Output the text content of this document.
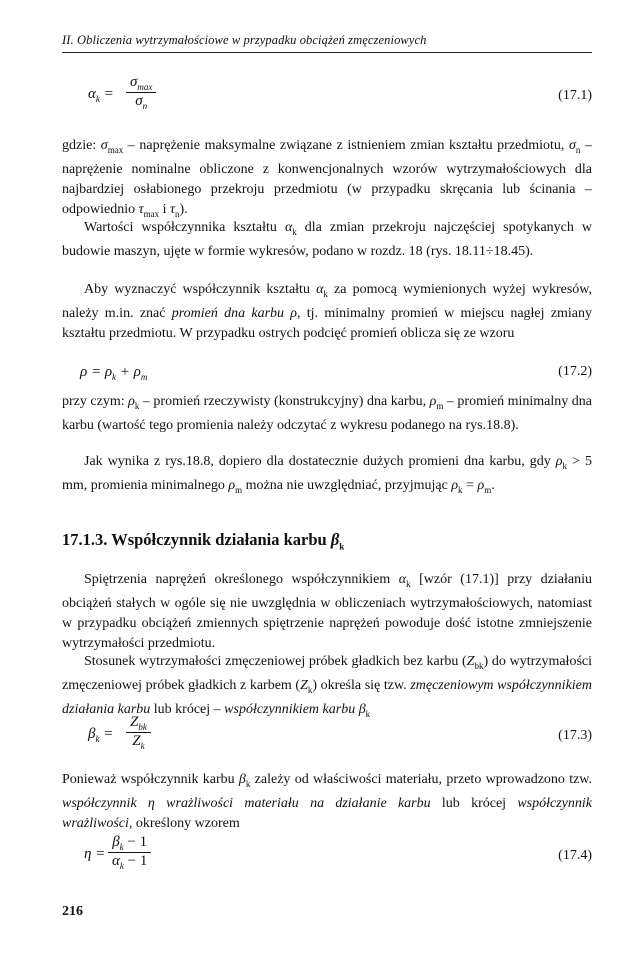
II. Obliczenia wytrzymałościowe w przypadku obciążeń zmęczeniowych
$\alpha_k$ =
$\sigma_{max}$
$\sigma_n$
(17.1)

gdzie: $\sigma_{max}$ – naprężenie maksymalne związane z istnieniem zmian kształtu przedmiotu, $\sigma_n$ – naprężenie nominalne obliczone z konwencjonalnych wzorów wytrzymałościowych dla najbardziej osłabionego przekroju przedmiotu (w przypadku skręcania lub ścinania – odpowiednio $\tau_{max}$ i $\tau_n$).

Wartości współczynnika kształtu $\alpha_k$ dla zmian przekroju najczęściej spotykanych w budowie maszyn, ujęte w formie wykresów, podano w rozdz. 18 (rys. 18.11÷18.45).

Aby wyznaczyć współczynnik kształtu $\alpha_k$ za pomocą wymienionych wyżej wykresów, należy m.in. znać promień dna karbu ρ, tj. minimalny promień w miejscu nagłej zmiany kształtu przedmiotu. W przypadku ostrych podcięć promień oblicza się ze wzoru

$\rho = \rho_k + \rho_m$	(17.2)

przy czym: $\rho_k$ – promień rzeczywisty (konstrukcyjny) dna karbu, $\rho_m$ – promień minimalny dna karbu (wartość tego promienia należy odczytać z wykresu podanego na rys.18.8).

Jak wynika z rys.18.8, dopiero dla dostatecznie dużych promieni dna karbu, gdy $\rho_k > 5$ mm, promienia minimalnego $\rho_m$ można nie uwzględniać, przyjmując $\rho_k = \rho_m$.

17.1.3. Współczynnik działania karbu $\beta_k$

Spiętrzenia naprężeń określonego współczynnikiem $\alpha_k$ [wzór (17.1)] przy działaniu obciążeń stałych w ogóle się nie uwzględnia w obliczeniach wytrzymałościowych, natomiast w przypadku obciążeń zmiennych spiętrzenie naprężeń powoduje dość istotne zmniejszenie wytrzymałości przedmiotu.

Stosunek wytrzymałości zmęczeniowej próbek gładkich bez karbu $(Z_{bk})$ do wytrzymałości zmęczeniowej próbek gładkich z karbem $(Z_k)$ określa się tzw. zmęczeniowym współczynnikiem działania karbu lub krócej – współczynnikiem karbu $\beta_k$

$\beta_k$ =
$Z_{bk}$
$Z_k$
(17.3)

Ponieważ współczynnik karbu $\beta_k$ zależy od właściwości materiału, przeto wprowadzono tzw. współczynnik η wrażliwości materiału na działanie karbu lub krócej współczynnik wrażliwości, określony wzorem

$\eta = \frac{\beta_k - 1}{\alpha_k - 1}$	(17.4)
216
